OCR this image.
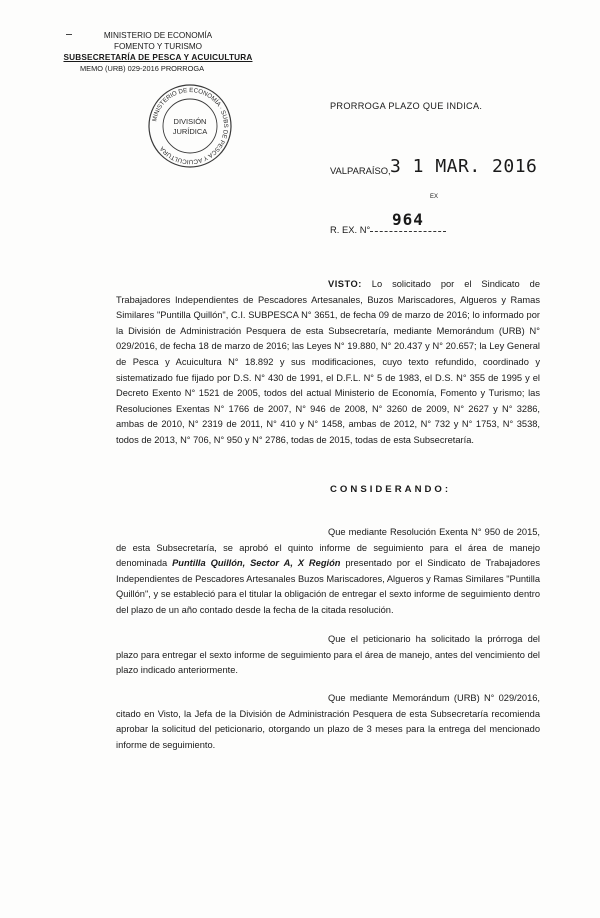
MINISTERIO DE ECONOMÍA
FOMENTO Y TURISMO
SUBSECRETARÍA DE PESCA Y ACUICULTURA
MEMO (URB) 029-2016 PRORROGA
MINISTERIO DE ECONOMÍA · SUBS DE PESCA Y ACUICULTURA
DIVISIÓN
JURÍDICA
PRORROGA PLAZO QUE INDICA.
VALPARAÍSO, 3 1 MAR. 2016
EX
R. EX. N°
964
VISTO: Lo solicitado por el Sindicato de Trabajadores Independientes de Pescadores Artesanales, Buzos Mariscadores, Algueros y Ramas Similares "Puntilla Quillón", C.I. SUBPESCA N° 3651, de fecha 09 de marzo de 2016; lo informado por la División de Administración Pesquera de esta Subsecretaría, mediante Memorándum (URB) N° 029/2016, de fecha 18 de marzo de 2016; las Leyes N° 19.880, N° 20.437 y N° 20.657; la Ley General de Pesca y Acuicultura N° 18.892 y sus modificaciones, cuyo texto refundido, coordinado y sistematizado fue fijado por D.S. N° 430 de 1991, el D.F.L. N° 5 de 1983, el D.S. N° 355 de 1995 y el Decreto Exento N° 1521 de 2005, todos del actual Ministerio de Economía, Fomento y Turismo; las Resoluciones Exentas N° 1766 de 2007, N° 946 de 2008, N° 3260 de 2009, N° 2627 y N° 3286, ambas de 2010, N° 2319 de 2011, N° 410 y N° 1458, ambas de 2012, N° 732 y N° 1753, N° 3538, todos de 2013, N° 706, N° 950 y N° 2786, todas de 2015, todas de esta Subsecretaría.
CONSIDERANDO:
Que mediante Resolución Exenta N° 950 de 2015, de esta Subsecretaría, se aprobó el quinto informe de seguimiento para el área de manejo denominada Puntilla Quillón, Sector A, X Región presentado por el Sindicato de Trabajadores Independientes de Pescadores Artesanales Buzos Mariscadores, Algueros y Ramas Similares "Puntilla Quillón", y se estableció para el titular la obligación de entregar el sexto informe de seguimiento dentro del plazo de un año contado desde la fecha de la citada resolución.
Que el peticionario ha solicitado la prórroga del plazo para entregar el sexto informe de seguimiento para el área de manejo, antes del vencimiento del plazo indicado anteriormente.
Que mediante Memorándum (URB) N° 029/2016, citado en Visto, la Jefa de la División de Administración Pesquera de esta Subsecretaría recomienda aprobar la solicitud del peticionario, otorgando un plazo de 3 meses para la entrega del mencionado informe de seguimiento.
